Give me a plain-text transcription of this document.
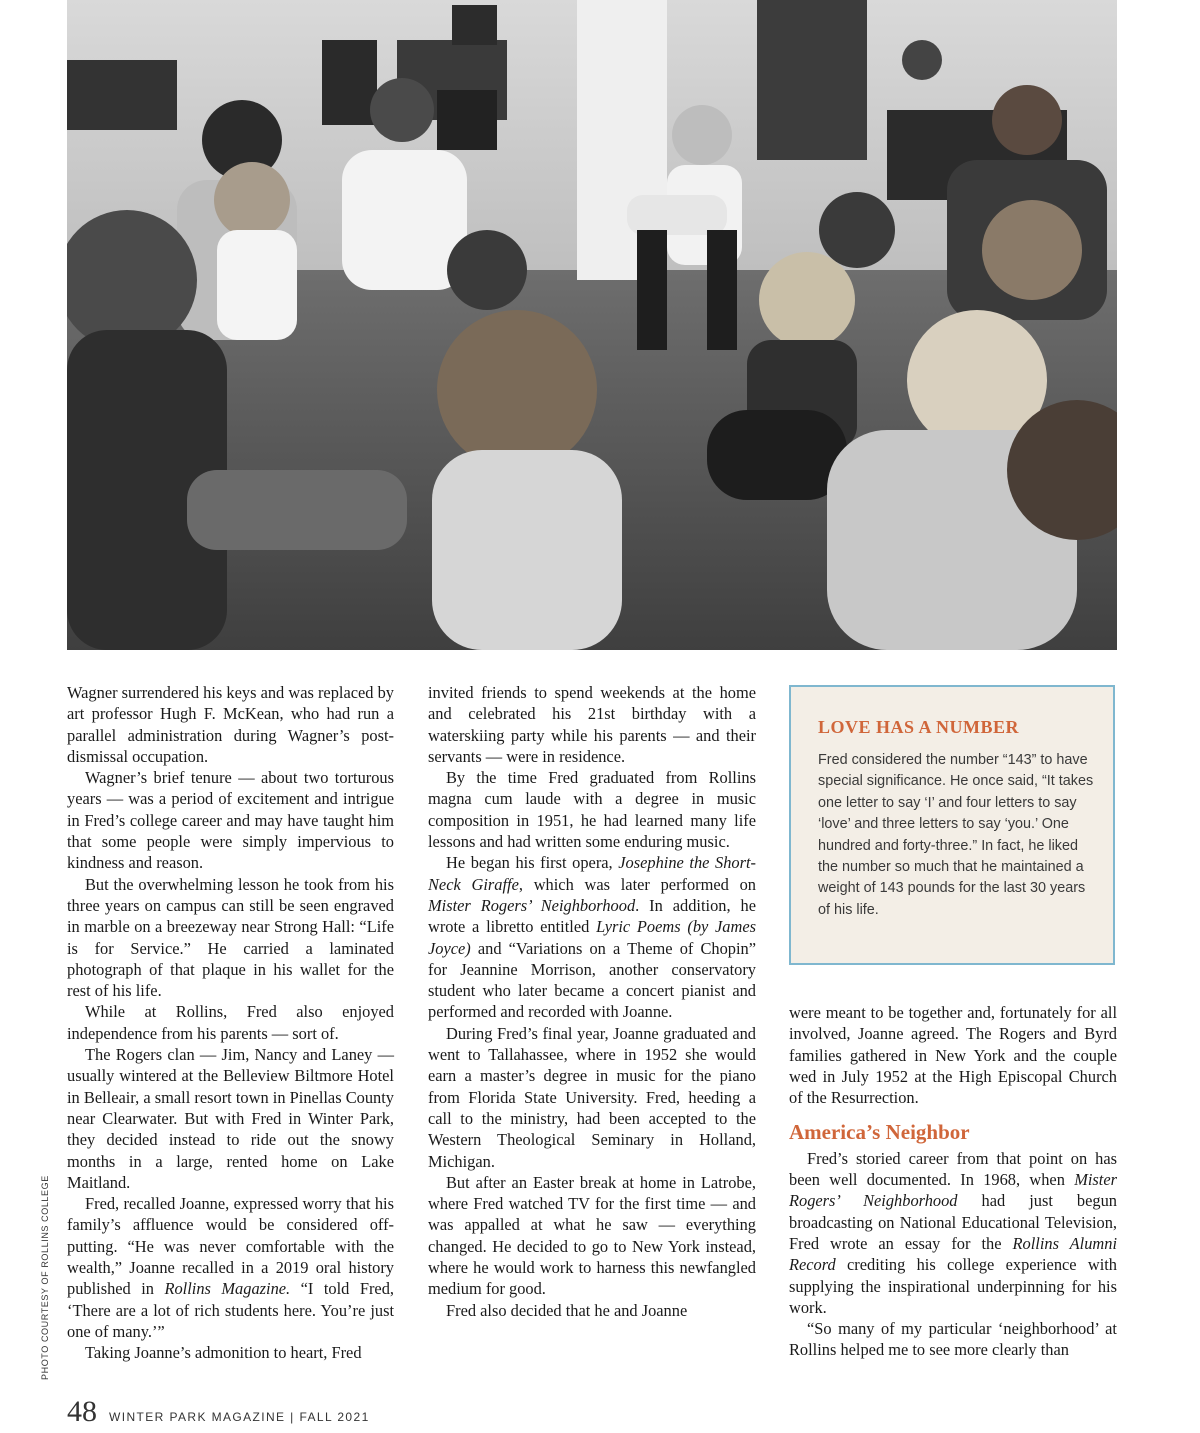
PHOTO COURTESY OF ROLLINS COLLEGE

Wagner surrendered his keys and was replaced by art professor Hugh F. McKean, who had run a parallel administration during Wagner’s post-dismissal occupation.

Wagner’s brief tenure — about two torturous years — was a period of excitement and intrigue in Fred’s college career and may have taught him that some people were simply impervious to kindness and reason.

But the overwhelming lesson he took from his three years on campus can still be seen engraved in marble on a breezeway near Strong Hall: “Life is for Service.” He carried a laminated photograph of that plaque in his wallet for the rest of his life.

While at Rollins, Fred also enjoyed independence from his parents — sort of.

The Rogers clan — Jim, Nancy and Laney — usually wintered at the Belleview Biltmore Hotel in Belleair, a small resort town in Pinellas County near Clearwater. But with Fred in Winter Park, they decided instead to ride out the snowy months in a large, rented home on Lake Maitland.

Fred, recalled Joanne, expressed worry that his family’s affluence would be considered off-putting. “He was never comfortable with the wealth,” Joanne recalled in a 2019 oral history published in Rollins Magazine. “I told Fred, ‘There are a lot of rich students here. You’re just one of many.’”

Taking Joanne’s admonition to heart, Fred

invited friends to spend weekends at the home and celebrated his 21st birthday with a waterskiing party while his parents — and their servants — were in residence.

By the time Fred graduated from Rollins magna cum laude with a degree in music composition in 1951, he had learned many life lessons and had written some enduring music.

He began his first opera, Josephine the Short-Neck Giraffe, which was later performed on Mister Rogers’ Neighborhood. In addition, he wrote a libretto entitled Lyric Poems (by James Joyce) and “Variations on a Theme of Chopin” for Jeannine Morrison, another conservatory student who later became a concert pianist and performed and recorded with Joanne.

During Fred’s final year, Joanne graduated and went to Tallahassee, where in 1952 she would earn a master’s degree in music for the piano from Florida State University. Fred, heeding a call to the ministry, had been accepted to the Western Theological Seminary in Holland, Michigan.

But after an Easter break at home in Latrobe, where Fred watched TV for the first time — and was appalled at what he saw — everything changed. He decided to go to New York instead, where he would work to harness this newfangled medium for good.

Fred also decided that he and Joanne

LOVE HAS A NUMBER
Fred considered the number “143” to have special significance. He once said, “It takes one letter to say ‘I’ and four letters to say ‘love’ and three letters to say ‘you.’ One hundred and forty-three.” In fact, he liked the number so much that he maintained a weight of 143 pounds for the last 30 years of his life.

were meant to be together and, fortunately for all involved, Joanne agreed. The Rogers and Byrd families gathered in New York and the couple wed in July 1952 at the High Episcopal Church of the Resurrection.

America’s Neighbor

Fred’s storied career from that point on has been well documented. In 1968, when Mister Rogers’ Neighborhood had just begun broadcasting on National Educational Television, Fred wrote an essay for the Rollins Alumni Record crediting his college experience with supplying the inspirational underpinning for his work.

“So many of my particular ‘neighborhood’ at Rollins helped me to see more clearly than

48 WINTER PARK MAGAZINE | FALL 2021
